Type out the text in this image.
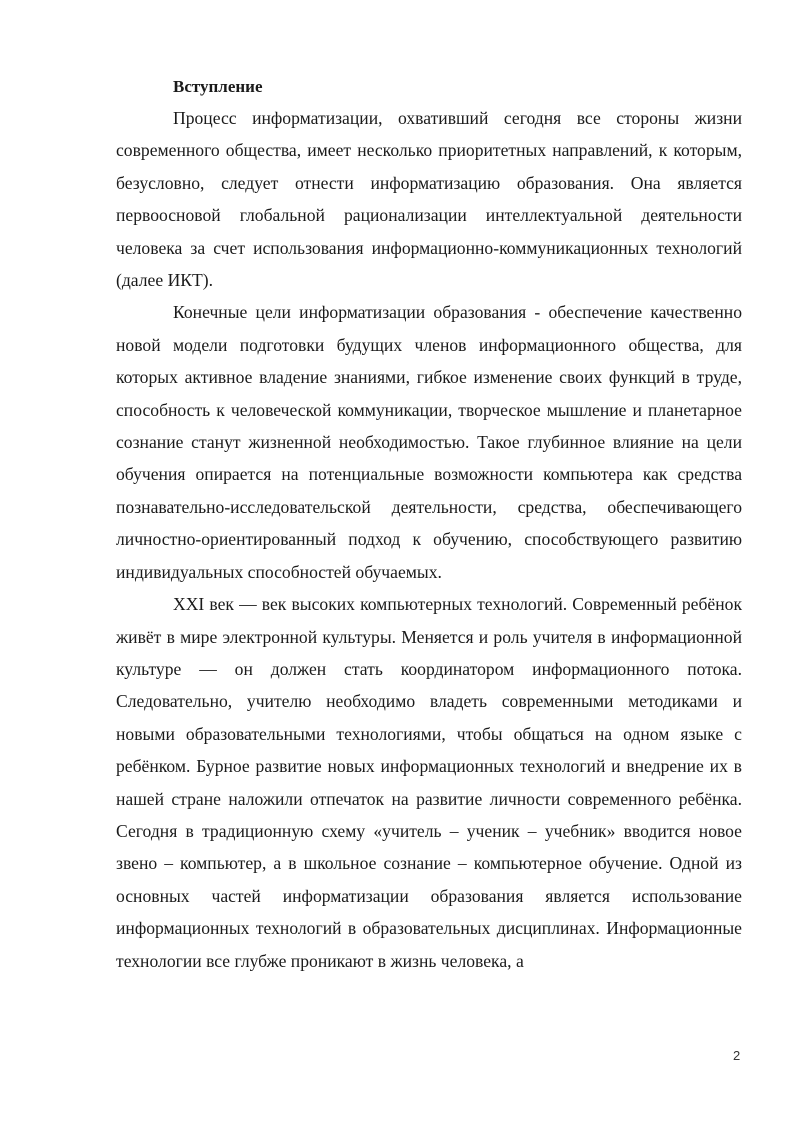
Вступление

Процесс информатизации, охвативший сегодня все стороны жизни современного общества, имеет несколько приоритетных направлений, к которым, безусловно, следует отнести информатизацию образования. Она является первоосновой глобальной рационализации интеллектуальной деятельности человека за счет использования информационно-коммуникационных технологий (далее ИКТ).

Конечные цели информатизации образования - обеспечение качественно новой модели подготовки будущих членов информационного общества, для которых активное владение знаниями, гибкое изменение своих функций в труде, способность к человеческой коммуникации, творческое мышление и планетарное сознание станут жизненной необходимостью. Такое глубинное влияние на цели обучения опирается на потенциальные возможности компьютера как средства познавательно-исследовательской деятельности, средства, обеспечивающего личностно-ориентированный подход к обучению, способствующего развитию индивидуальных способностей обучаемых.

XXI век — век высоких компьютерных технологий. Современный ребёнок живёт в мире электронной культуры. Меняется и роль учителя в информационной культуре — он должен стать координатором информационного потока. Следовательно, учителю необходимо владеть современными методиками и новыми образовательными технологиями, чтобы общаться на одном языке с ребёнком. Бурное развитие новых информационных технологий и внедрение их в нашей стране наложили отпечаток на развитие личности современного ребёнка. Сегодня в традиционную схему «учитель – ученик – учебник» вводится новое звено – компьютер, а в школьное сознание – компьютерное обучение. Одной из основных частей информатизации образования является использование информационных технологий в образовательных дисциплинах. Информационные технологии все глубже проникают в жизнь человека, а

2
